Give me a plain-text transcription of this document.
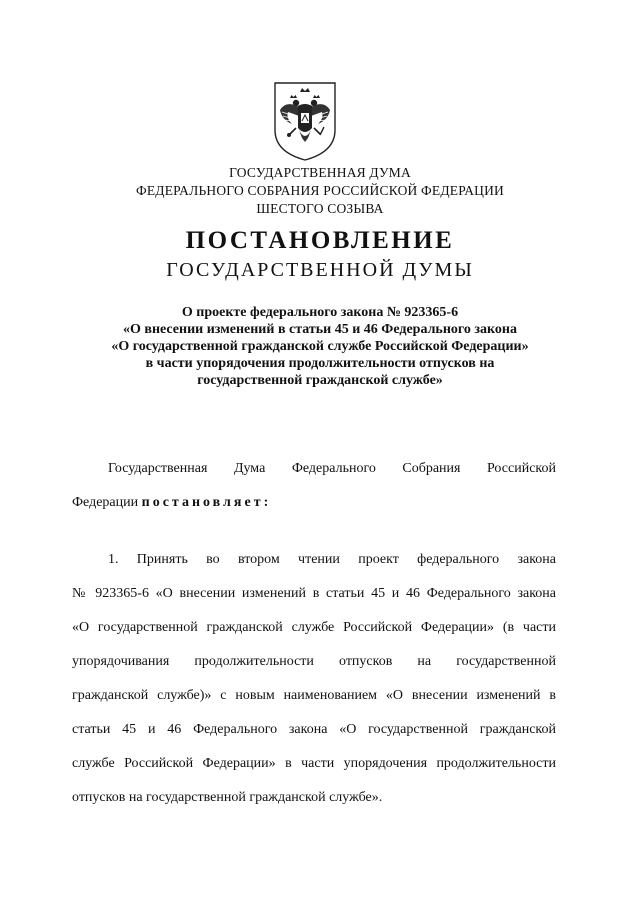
ГОСУДАРСТВЕННАЯ ДУМА
ФЕДЕРАЛЬНОГО СОБРАНИЯ РОССИЙСКОЙ ФЕДЕРАЦИИ
ШЕСТОГО СОЗЫВА
ПОСТАНОВЛЕНИЕ
ГОСУДАРСТВЕННОЙ ДУМЫ
О проекте федерального закона № 923365-6
«О внесении изменений в статьи 45 и 46 Федерального закона
«О государственной гражданской службе Российской Федерации»
в части упорядочения продолжительности отпусков на
государственной гражданской службе»
Государственная Дума Федерального Собрания Российской
Федерации постановляет:
1. Принять во втором чтении проект федерального закона
№ 923365-6 «О внесении изменений в статьи 45 и 46 Федерального закона
«О государственной гражданской службе Российской Федерации» (в части
упорядочивания продолжительности отпусков на государственной
гражданской службе)» с новым наименованием «О внесении изменений в
статьи 45 и 46 Федерального закона «О государственной гражданской
службе Российской Федерации» в части упорядочения продолжительности
отпусков на государственной гражданской службе».
